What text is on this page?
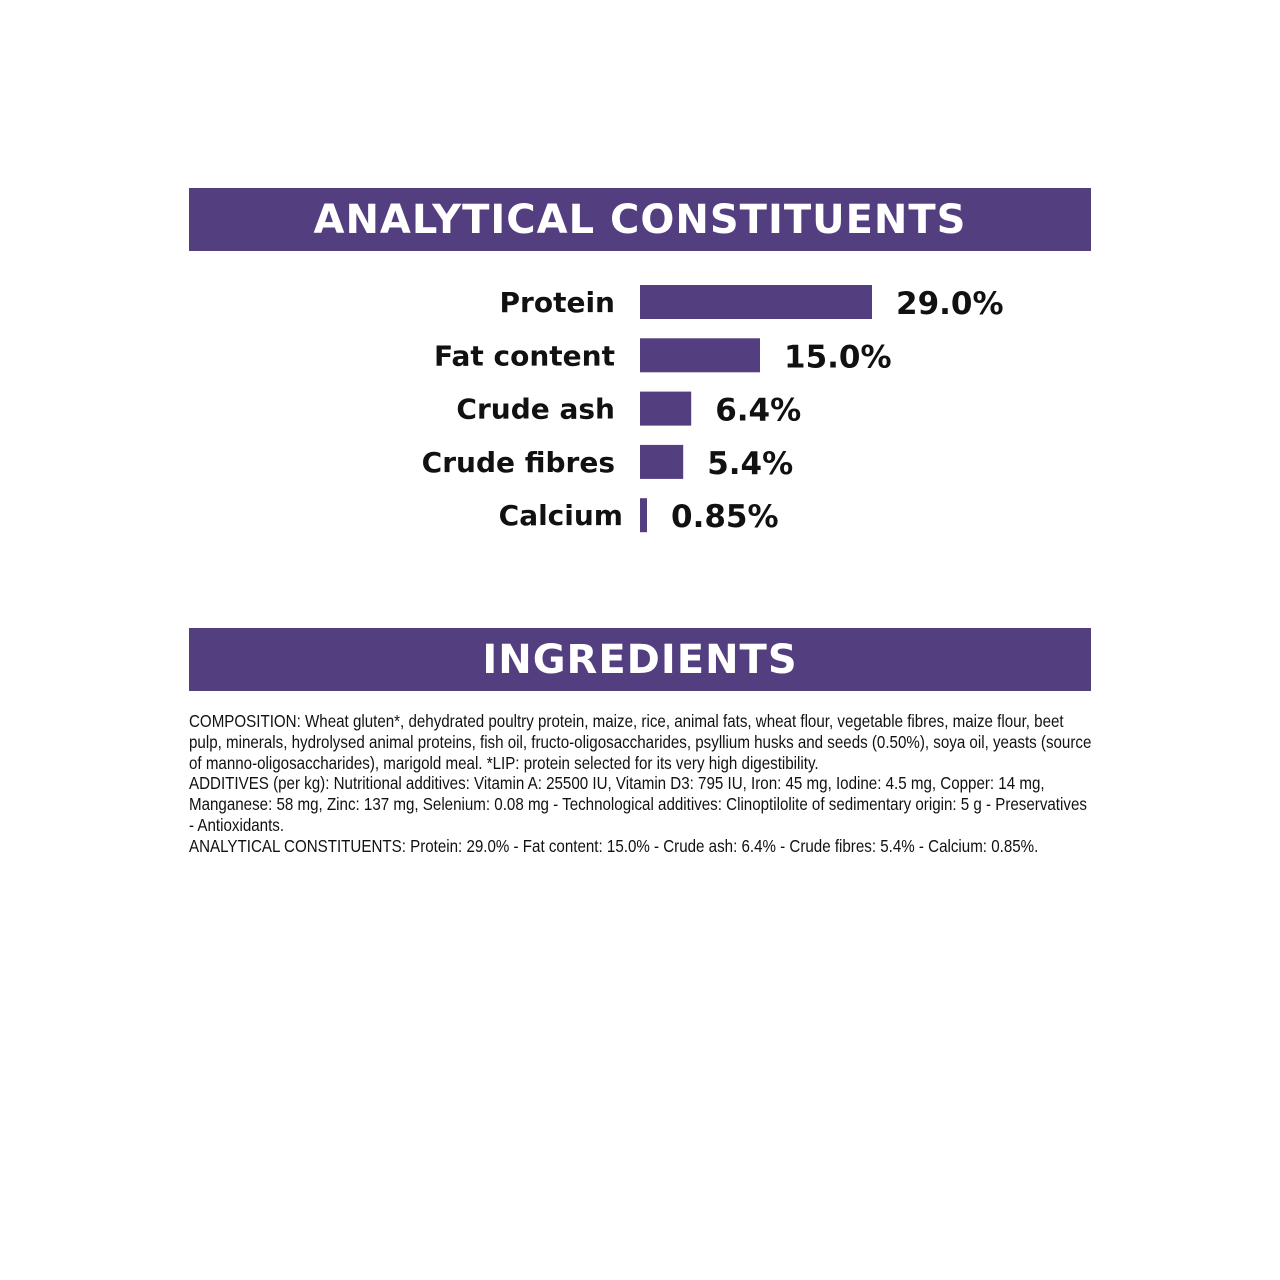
ANALYTICAL CONSTITUENTS
Protein	29.0%
Fat content	15.0%
Crude ash	6.4%
Crude fibres	5.4%
Calcium 0.85%
INGREDIENTS

COMPOSITION: Wheat gluten*, dehydrated poultry protein, maize, rice, animal fats, wheat flour, vegetable fibres, maize flour, beet pulp, minerals, hydrolysed animal proteins, fish oil, fructo-oligosaccharides, psyllium husks and seeds (0.50%), soya oil, yeasts (source of manno-oligosaccharides), marigold meal. *LIP: protein selected for its very high digestibility.

ADDITIVES (per kg): Nutritional additives: Vitamin A: 25500 IU, Vitamin D3: 795 IU, Iron: 45 mg, Iodine: 4.5 mg, Copper: 14 mg, Manganese: 58 mg, Zinc: 137 mg, Selenium: 0.08 mg - Technological additives: Clinoptilolite of sedimentary origin: 5 g - Preservatives - Antioxidants.

ANALYTICAL CONSTITUENTS: Protein: 29.0% - Fat content: 15.0% - Crude ash: 6.4% - Crude fibres: 5.4% - Calcium: 0.85%.
